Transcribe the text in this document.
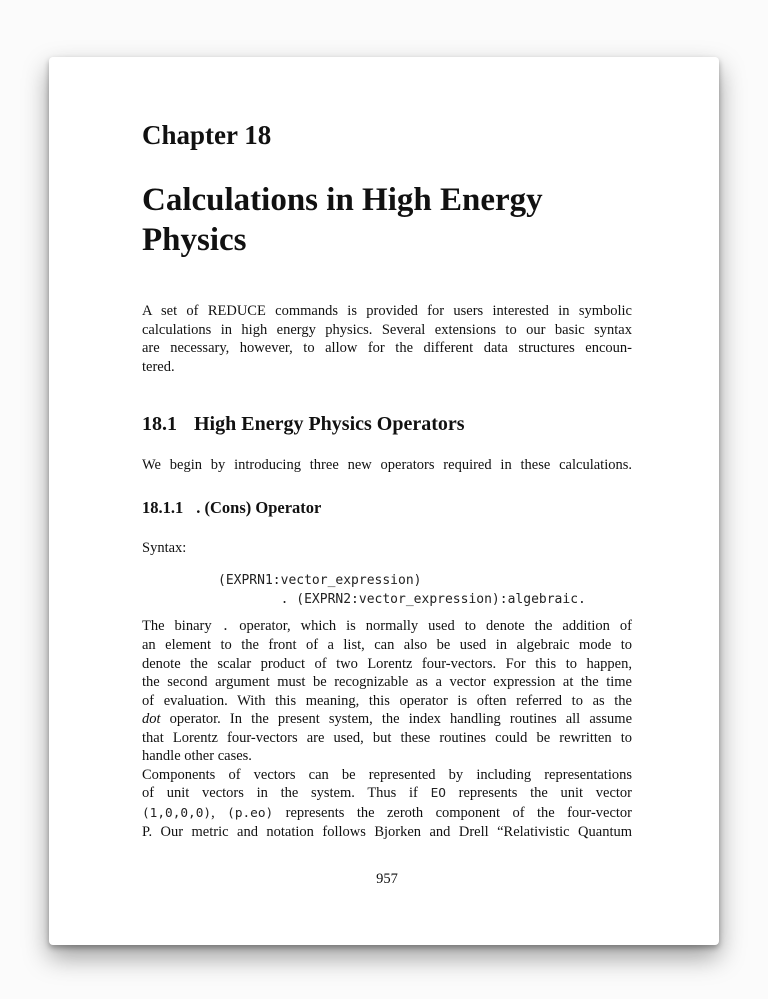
Chapter 18
Calculations in High Energy
Physics
A set of REDUCE commands is provided for users interested in symbolic
calculations in high energy physics. Several extensions to our basic syntax
are necessary, however, to allow for the different data structures encoun-
tered.
18.1 High Energy Physics Operators
We begin by introducing three new operators required in these calculations.
18.1.1 . (Cons) Operator
Syntax:
(EXPRN1:vector_expression)
. (EXPRN2:vector_expression):algebraic.
The binary . operator, which is normally used to denote the addition of
an element to the front of a list, can also be used in algebraic mode to
denote the scalar product of two Lorentz four-vectors. For this to happen,
the second argument must be recognizable as a vector expression at the time
of evaluation. With this meaning, this operator is often referred to as the
dot operator. In the present system, the index handling routines all assume
that Lorentz four-vectors are used, but these routines could be rewritten to
handle other cases.
Components of vectors can be represented by including representations
of unit vectors in the system. Thus if EO represents the unit vector
(1,0,0,0), (p.eo) represents the zeroth component of the four-vector
P. Our metric and notation follows Bjorken and Drell “Relativistic Quantum
957
